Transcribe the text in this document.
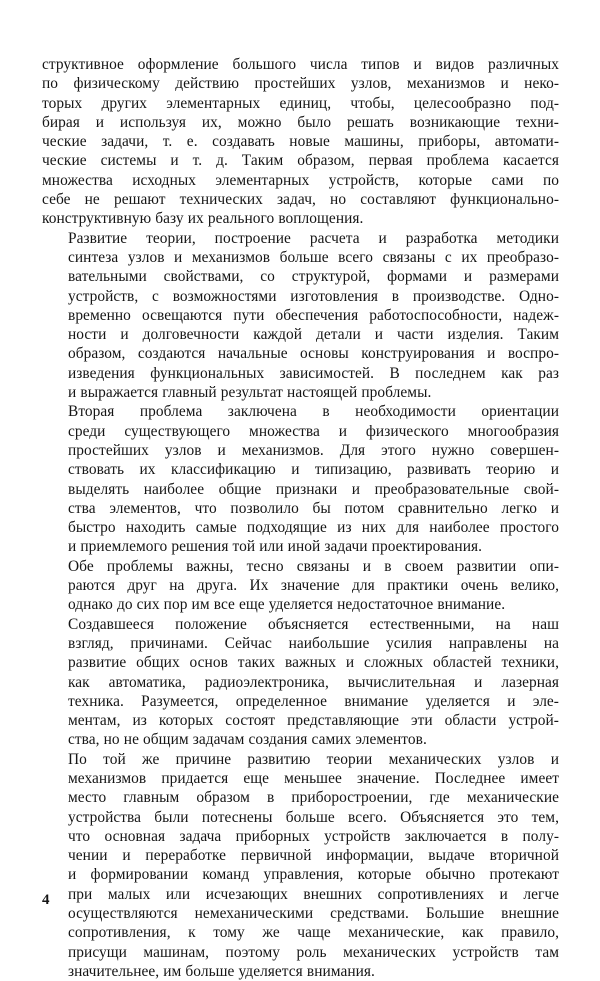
структивное оформление большого числа типов и видов различных
по физическому действию простейших узлов, механизмов и неко-
торых других элементарных единиц, чтобы, целесообразно под-
бирая и используя их, можно было решать возникающие техни-
ческие задачи, т. е. создавать новые машины, приборы, автомати-
ческие системы и т. д. Таким образом, первая проблема касается
множества исходных элементарных устройств, которые сами по
себе не решают технических задач, но составляют функционально-
конструктивную базу их реального воплощения.

Развитие теории, построение расчета и разработка методики
синтеза узлов и механизмов больше всего связаны с их преобразо-
вательными свойствами, со структурой, формами и размерами
устройств, с возможностями изготовления в производстве. Одно-
временно освещаются пути обеспечения работоспособности, надеж-
ности и долговечности каждой детали и части изделия. Таким
образом, создаются начальные основы конструирования и воспро-
изведения функциональных зависимостей. В последнем как раз
и выражается главный результат настоящей проблемы.

Вторая проблема заключена в необходимости ориентации
среди существующего множества и физического многообразия
простейших узлов и механизмов. Для этого нужно совершен-
ствовать их классификацию и типизацию, развивать теорию и
выделять наиболее общие признаки и преобразовательные свой-
ства элементов, что позволило бы потом сравнительно легко и
быстро находить самые подходящие из них для наиболее простого
и приемлемого решения той или иной задачи проектирования.

Обе проблемы важны, тесно связаны и в своем развитии опи-
раются друг на друга. Их значение для практики очень велико,
однако до сих пор им все еще уделяется недостаточное внимание.

Создавшееся положение объясняется естественными, на наш
взгляд, причинами. Сейчас наибольшие усилия направлены на
развитие общих основ таких важных и сложных областей техники,
как автоматика, радиоэлектроника, вычислительная и лазерная
техника. Разумеется, определенное внимание уделяется и эле-
ментам, из которых состоят представляющие эти области устрой-
ства, но не общим задачам создания самих элементов.

По той же причине развитию теории механических узлов и
механизмов придается еще меньшее значение. Последнее имеет
место главным образом в приборостроении, где механические
устройства были потеснены больше всего. Объясняется это тем,
что основная задача приборных устройств заключается в полу-
чении и переработке первичной информации, выдаче вторичной
и формировании команд управления, которые обычно протекают
при малых или исчезающих внешних сопротивлениях и легче
осуществляются немеханическими средствами. Большие внешние
сопротивления, к тому же чаще механические, как правило,
присущи машинам, поэтому роль механических устройств там
значительнее, им больше уделяется внимания.

4
